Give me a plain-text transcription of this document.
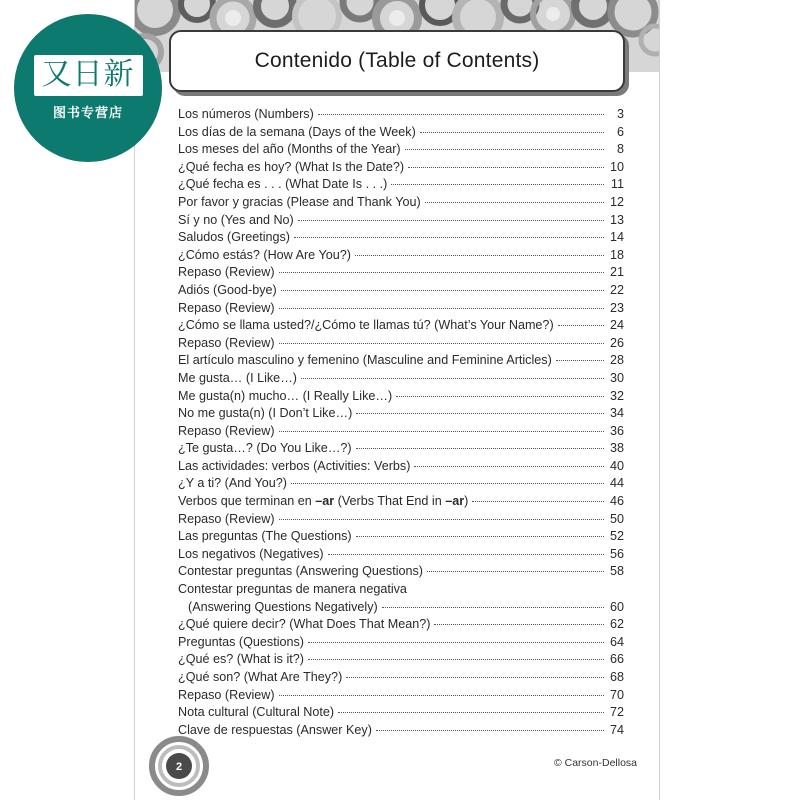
Contenido (Table of Contents)
Los números (Numbers)	3
Los días de la semana (Days of the Week)	6
Los meses del año (Months of the Year)	8
¿Qué fecha es hoy? (What Is the Date?)	10
¿Qué fecha es . . . (What Date Is . . .)	11
Por favor y gracias (Please and Thank You)	12
Sí y no (Yes and No)	13
Saludos (Greetings)	14
¿Cómo estás? (How Are You?)	18
Repaso (Review)	21
Adiós (Good-bye)	22
Repaso (Review)	23
¿Cómo se llama usted?/¿Cómo te llamas tú? (What’s Your Name?)	24
Repaso (Review)	26
El artículo masculino y femenino (Masculine and Feminine Articles)	28
Me gusta… (I Like…)	30
Me gusta(n) mucho… (I Really Like…)	32
No me gusta(n) (I Don’t Like…)	34
Repaso (Review)	36
¿Te gusta…? (Do You Like…?)	38
Las actividades: verbos (Activities: Verbs)	40
¿Y a ti? (And You?)	44
Verbos que terminan en –ar (Verbs That End in –ar)	46
Repaso (Review)	50
Las preguntas (The Questions)	52
Los negativos (Negatives)	56
Contestar preguntas (Answering Questions)	58
Contestar preguntas de manera negativa
(Answering Questions Negatively)	60
¿Qué quiere decir? (What Does That Mean?)	62
Preguntas (Questions)	64
¿Qué es? (What is it?)	66
¿Qué son? (What Are They?)	68
Repaso (Review)	70
Nota cultural (Cultural Note)	72
Clave de respuestas (Answer Key)	74
2	© Carson-Dellosa
又日新
图书专营店
